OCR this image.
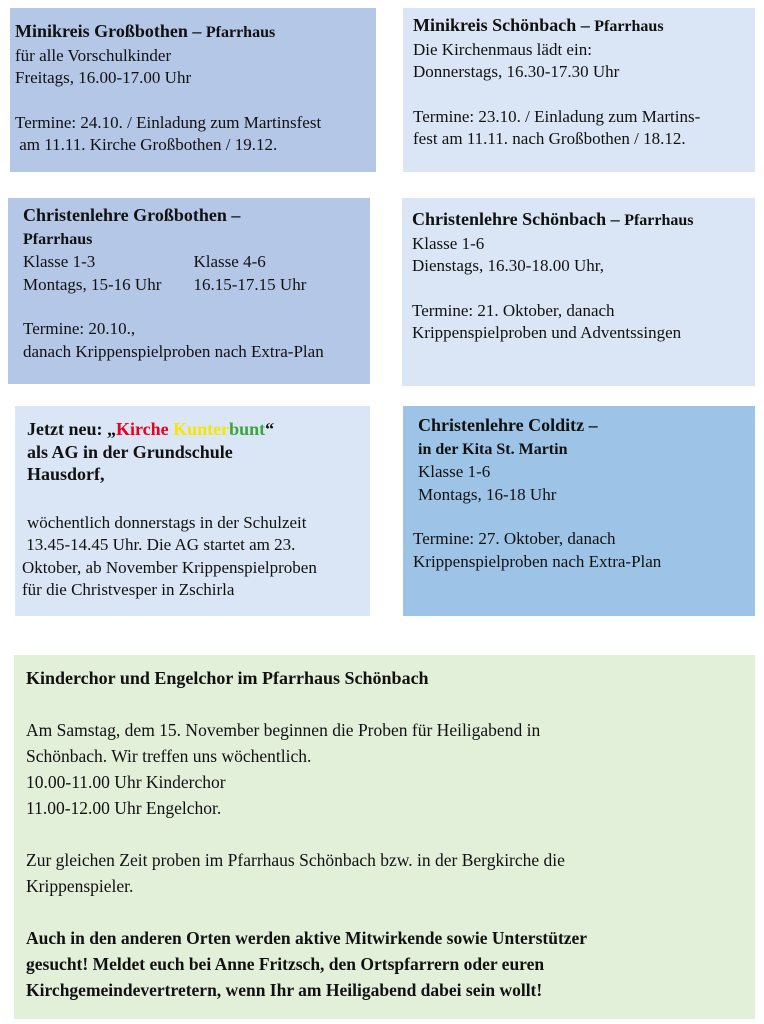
Minikreis Großbothen – Pfarrhaus
für alle Vorschulkinder
Freitags, 16.00-17.00 Uhr
Termine: 24.10. / Einladung zum Martinsfest
am 11.11. Kirche Großbothen / 19.12.
Minikreis Schönbach – Pfarrhaus
Die Kirchenmaus lädt ein:
Donnerstags, 16.30-17.30 Uhr
Termine: 23.10. / Einladung zum Martins-
fest am 11.11. nach Großbothen / 18.12.
Christenlehre Großbothen –
Pfarrhaus
Klasse 1-3
Montags, 15-16 Uhr
Klasse 4-6
16.15-17.15 Uhr
Termine: 20.10.,
danach Krippenspielproben nach Extra-Plan
Christenlehre Schönbach – Pfarrhaus
Klasse 1-6
Dienstags, 16.30-18.00 Uhr,
Termine: 21. Oktober, danach
Krippenspielproben und Adventssingen
Jetzt neu: „Kirche Kunterbunt“
als AG in der Grundschule
Hausdorf,
wöchentlich donnerstags in der Schulzeit
13.45-14.45 Uhr. Die AG startet am 23.
Oktober, ab November Krippenspielproben
für die Christvesper in Zschirla
Christenlehre Colditz –
in der Kita St. Martin
Klasse 1-6
Montags, 16-18 Uhr
Termine: 27. Oktober, danach
Krippenspielproben nach Extra-Plan
Kinderchor und Engelchor im Pfarrhaus Schönbach
Am Samstag, dem 15. November beginnen die Proben für Heiligabend in
Schönbach. Wir treffen uns wöchentlich.
10.00-11.00 Uhr Kinderchor
11.00-12.00 Uhr Engelchor.
Zur gleichen Zeit proben im Pfarrhaus Schönbach bzw. in der Bergkirche die
Krippenspieler.
Auch in den anderen Orten werden aktive Mitwirkende sowie Unterstützer
gesucht! Meldet euch bei Anne Fritzsch, den Ortspfarrern oder euren
Kirchgemeindevertretern, wenn Ihr am Heiligabend dabei sein wollt!
